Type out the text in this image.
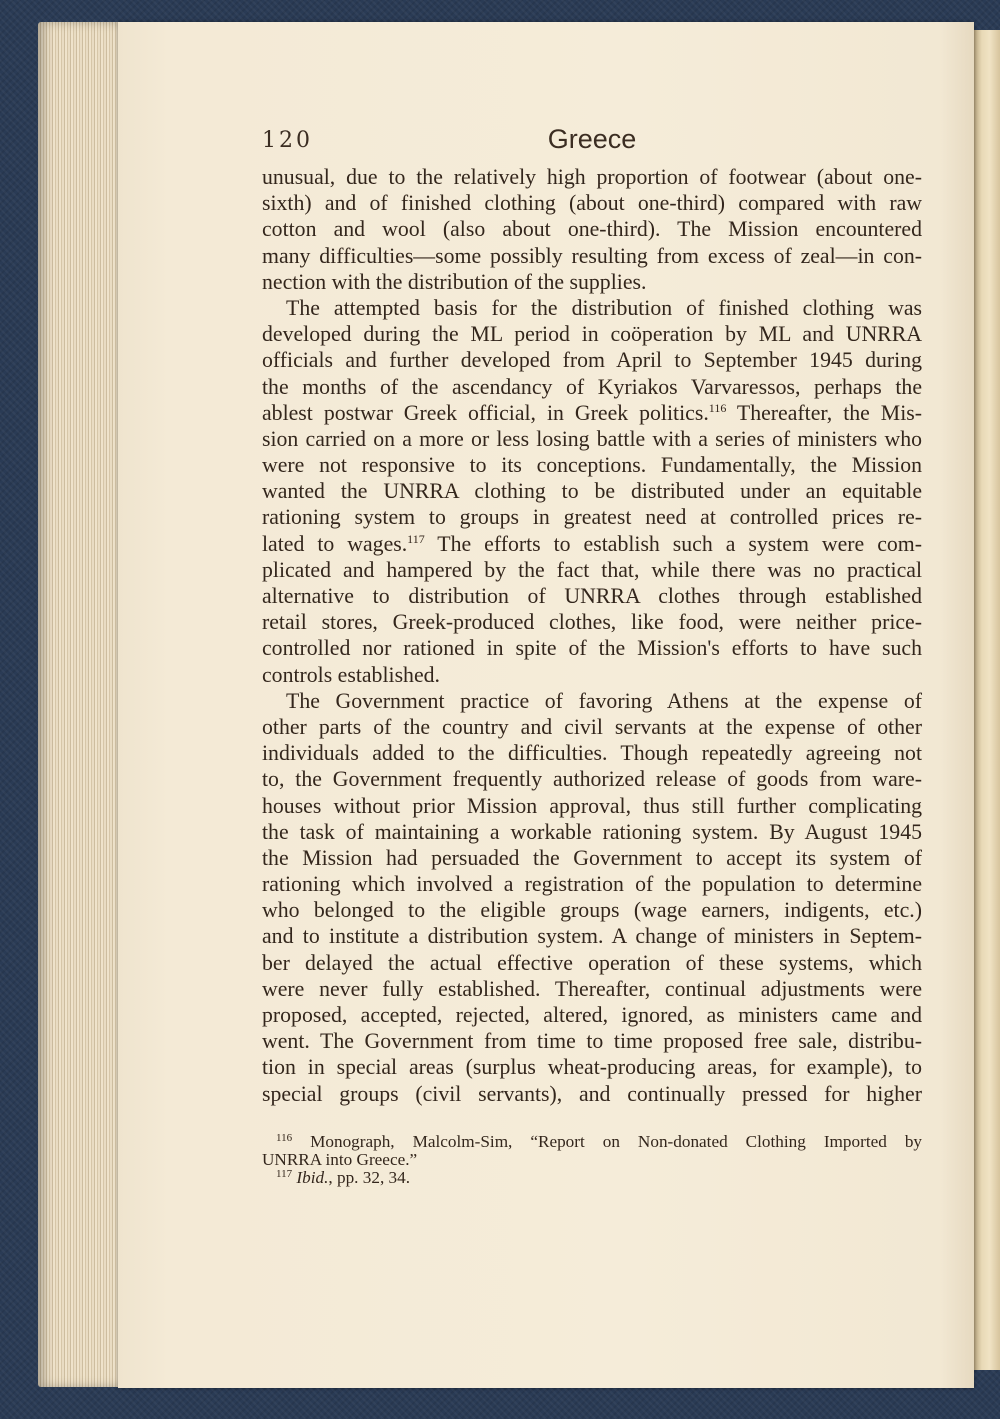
120	Greece
unusual, due to the relatively high proportion of footwear (about one-
sixth) and of finished clothing (about one-third) compared with raw
cotton and wool (also about one-third). The Mission encountered
many difficulties—some possibly resulting from excess of zeal—in con-
nection with the distribution of the supplies.
The attempted basis for the distribution of finished clothing was
developed during the ML period in coöperation by ML and UNRRA
officials and further developed from April to September 1945 during
the months of the ascendancy of Kyriakos Varvaressos, perhaps the
ablest postwar Greek official, in Greek politics.$^{116}$ Thereafter, the Mis-
sion carried on a more or less losing battle with a series of ministers who
were not responsive to its conceptions. Fundamentally, the Mission
wanted the UNRRA clothing to be distributed under an equitable
rationing system to groups in greatest need at controlled prices re-
lated to wages.$^{117}$ The efforts to establish such a system were com-
plicated and hampered by the fact that, while there was no practical
alternative to distribution of UNRRA clothes through established
retail stores, Greek-produced clothes, like food, were neither price-
controlled nor rationed in spite of the Mission's efforts to have such
controls established.
The Government practice of favoring Athens at the expense of
other parts of the country and civil servants at the expense of other
individuals added to the difficulties. Though repeatedly agreeing not
to, the Government frequently authorized release of goods from ware-
houses without prior Mission approval, thus still further complicating
the task of maintaining a workable rationing system. By August 1945
the Mission had persuaded the Government to accept its system of
rationing which involved a registration of the population to determine
who belonged to the eligible groups (wage earners, indigents, etc.)
and to institute a distribution system. A change of ministers in Septem-
ber delayed the actual effective operation of these systems, which
were never fully established. Thereafter, continual adjustments were
proposed, accepted, rejected, altered, ignored, as ministers came and
went. The Government from time to time proposed free sale, distribu-
tion in special areas (surplus wheat-producing areas, for example), to
special groups (civil servants), and continually pressed for higher
$^{116}$ Monograph, Malcolm-Sim, “Report on Non-donated Clothing Imported by
UNRRA into Greece.”
$^{117}$ Ibid., pp. 32, 34.
